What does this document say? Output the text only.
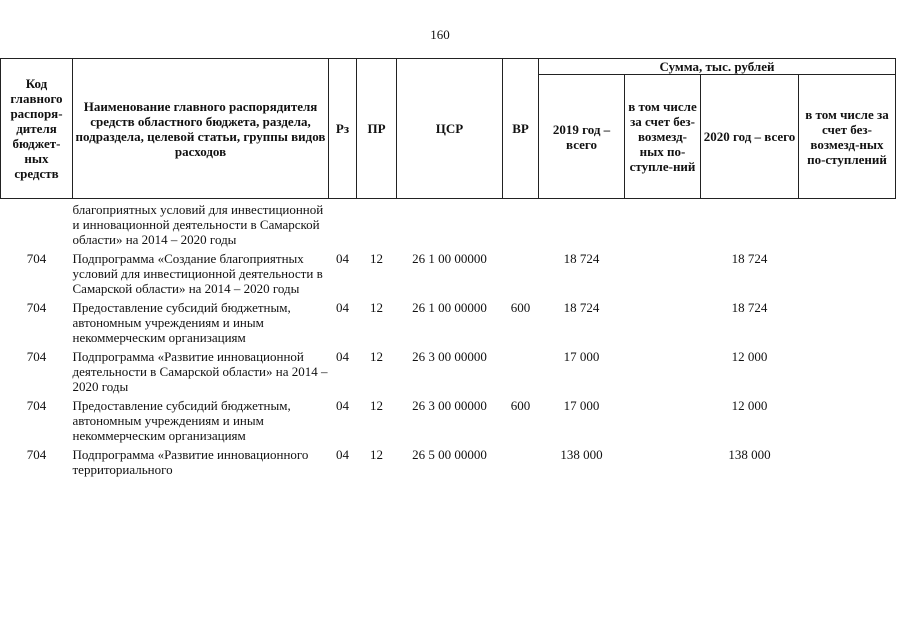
160
Код главного распоря-дителя бюджет-ных средств	Наименование главного распорядителя средств областного бюджета, раздела, подраздела, целевой статьи, группы видов расходов	Рз	ПР	ЦСР	ВР	Сумма, тыс. рублей			
						2019 год – всего	в том числе за счет без-возмезд-ных по-ступле-ний	2020 год – всего	в том числе за счет без-возмезд-ных по-ступлений
	благоприятных условий для инвестиционной и инновационной деятельности в Самарской области» на 2014 – 2020 годы								
704	Подпрограмма «Создание благоприятных условий для инвестиционной деятельности в Самарской области» на 2014 – 2020 годы	04	12	26 1 00 00000		18 724		18 724	
704	Предоставление субсидий бюджетным, автономным учреждениям и иным некоммерческим организациям	04	12	26 1 00 00000	600	18 724		18 724	
704	Подпрограмма «Развитие инновационной деятельности в Самарской области» на 2014 – 2020 годы	04	12	26 3 00 00000		17 000		12 000	
704	Предоставление субсидий бюджетным, автономным учреждениям и иным некоммерческим организациям	04	12	26 3 00 00000	600	17 000		12 000	
704	Подпрограмма «Развитие инновационного территориального	04	12	26 5 00 00000		138 000		138 000	
